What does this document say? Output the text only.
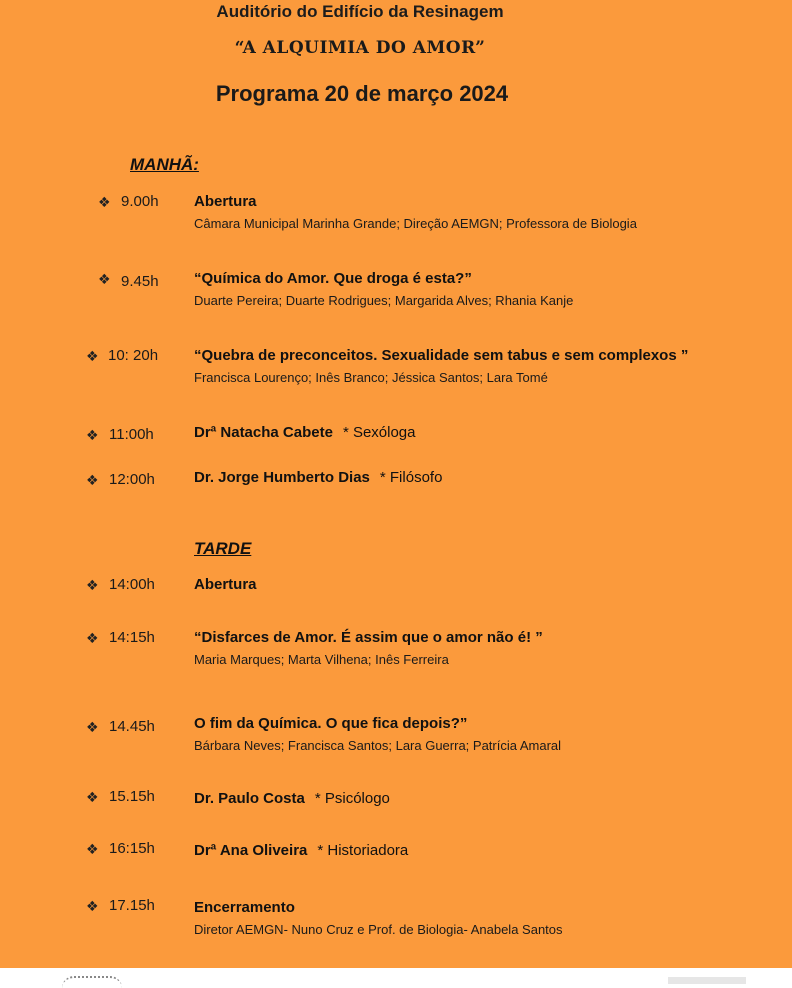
Auditório do Edifício da Resinagem
“A ALQUIMIA DO AMOR”
Programa 20 de março 2024
MANHÃ:
❖ 9.00h Abertura
Câmara Municipal Marinha Grande; Direção AEMGN; Professora de Biologia
❖ 9.45h “Química do Amor. Que droga é esta?”
Duarte Pereira; Duarte Rodrigues; Margarida Alves; Rhania Kanje
❖ 10: 20h “Quebra de preconceitos. Sexualidade sem tabus e sem complexos ”
Francisca Lourenço; Inês Branco; Jéssica Santos; Lara Tomé
❖ 11:00h	Drª Natacha Cabete * Sexóloga
❖ 12:00h	Dr. Jorge Humberto Dias * Filósofo
TARDE
❖ 14:00h	Abertura
❖ 14:15h	“Disfarces de Amor. É assim que o amor não é! ”
Maria Marques; Marta Vilhena; Inês Ferreira
❖ 14.45h	O fim da Química. O que fica depois?”
Bárbara Neves; Francisca Santos; Lara Guerra; Patrícia Amaral
❖ 15.15h	Dr. Paulo Costa * Psicólogo
❖ 16:15h	Drª Ana Oliveira * Historiadora
❖ 17.15h	Encerramento
Diretor AEMGN- Nuno Cruz e Prof. de Biologia- Anabela Santos
